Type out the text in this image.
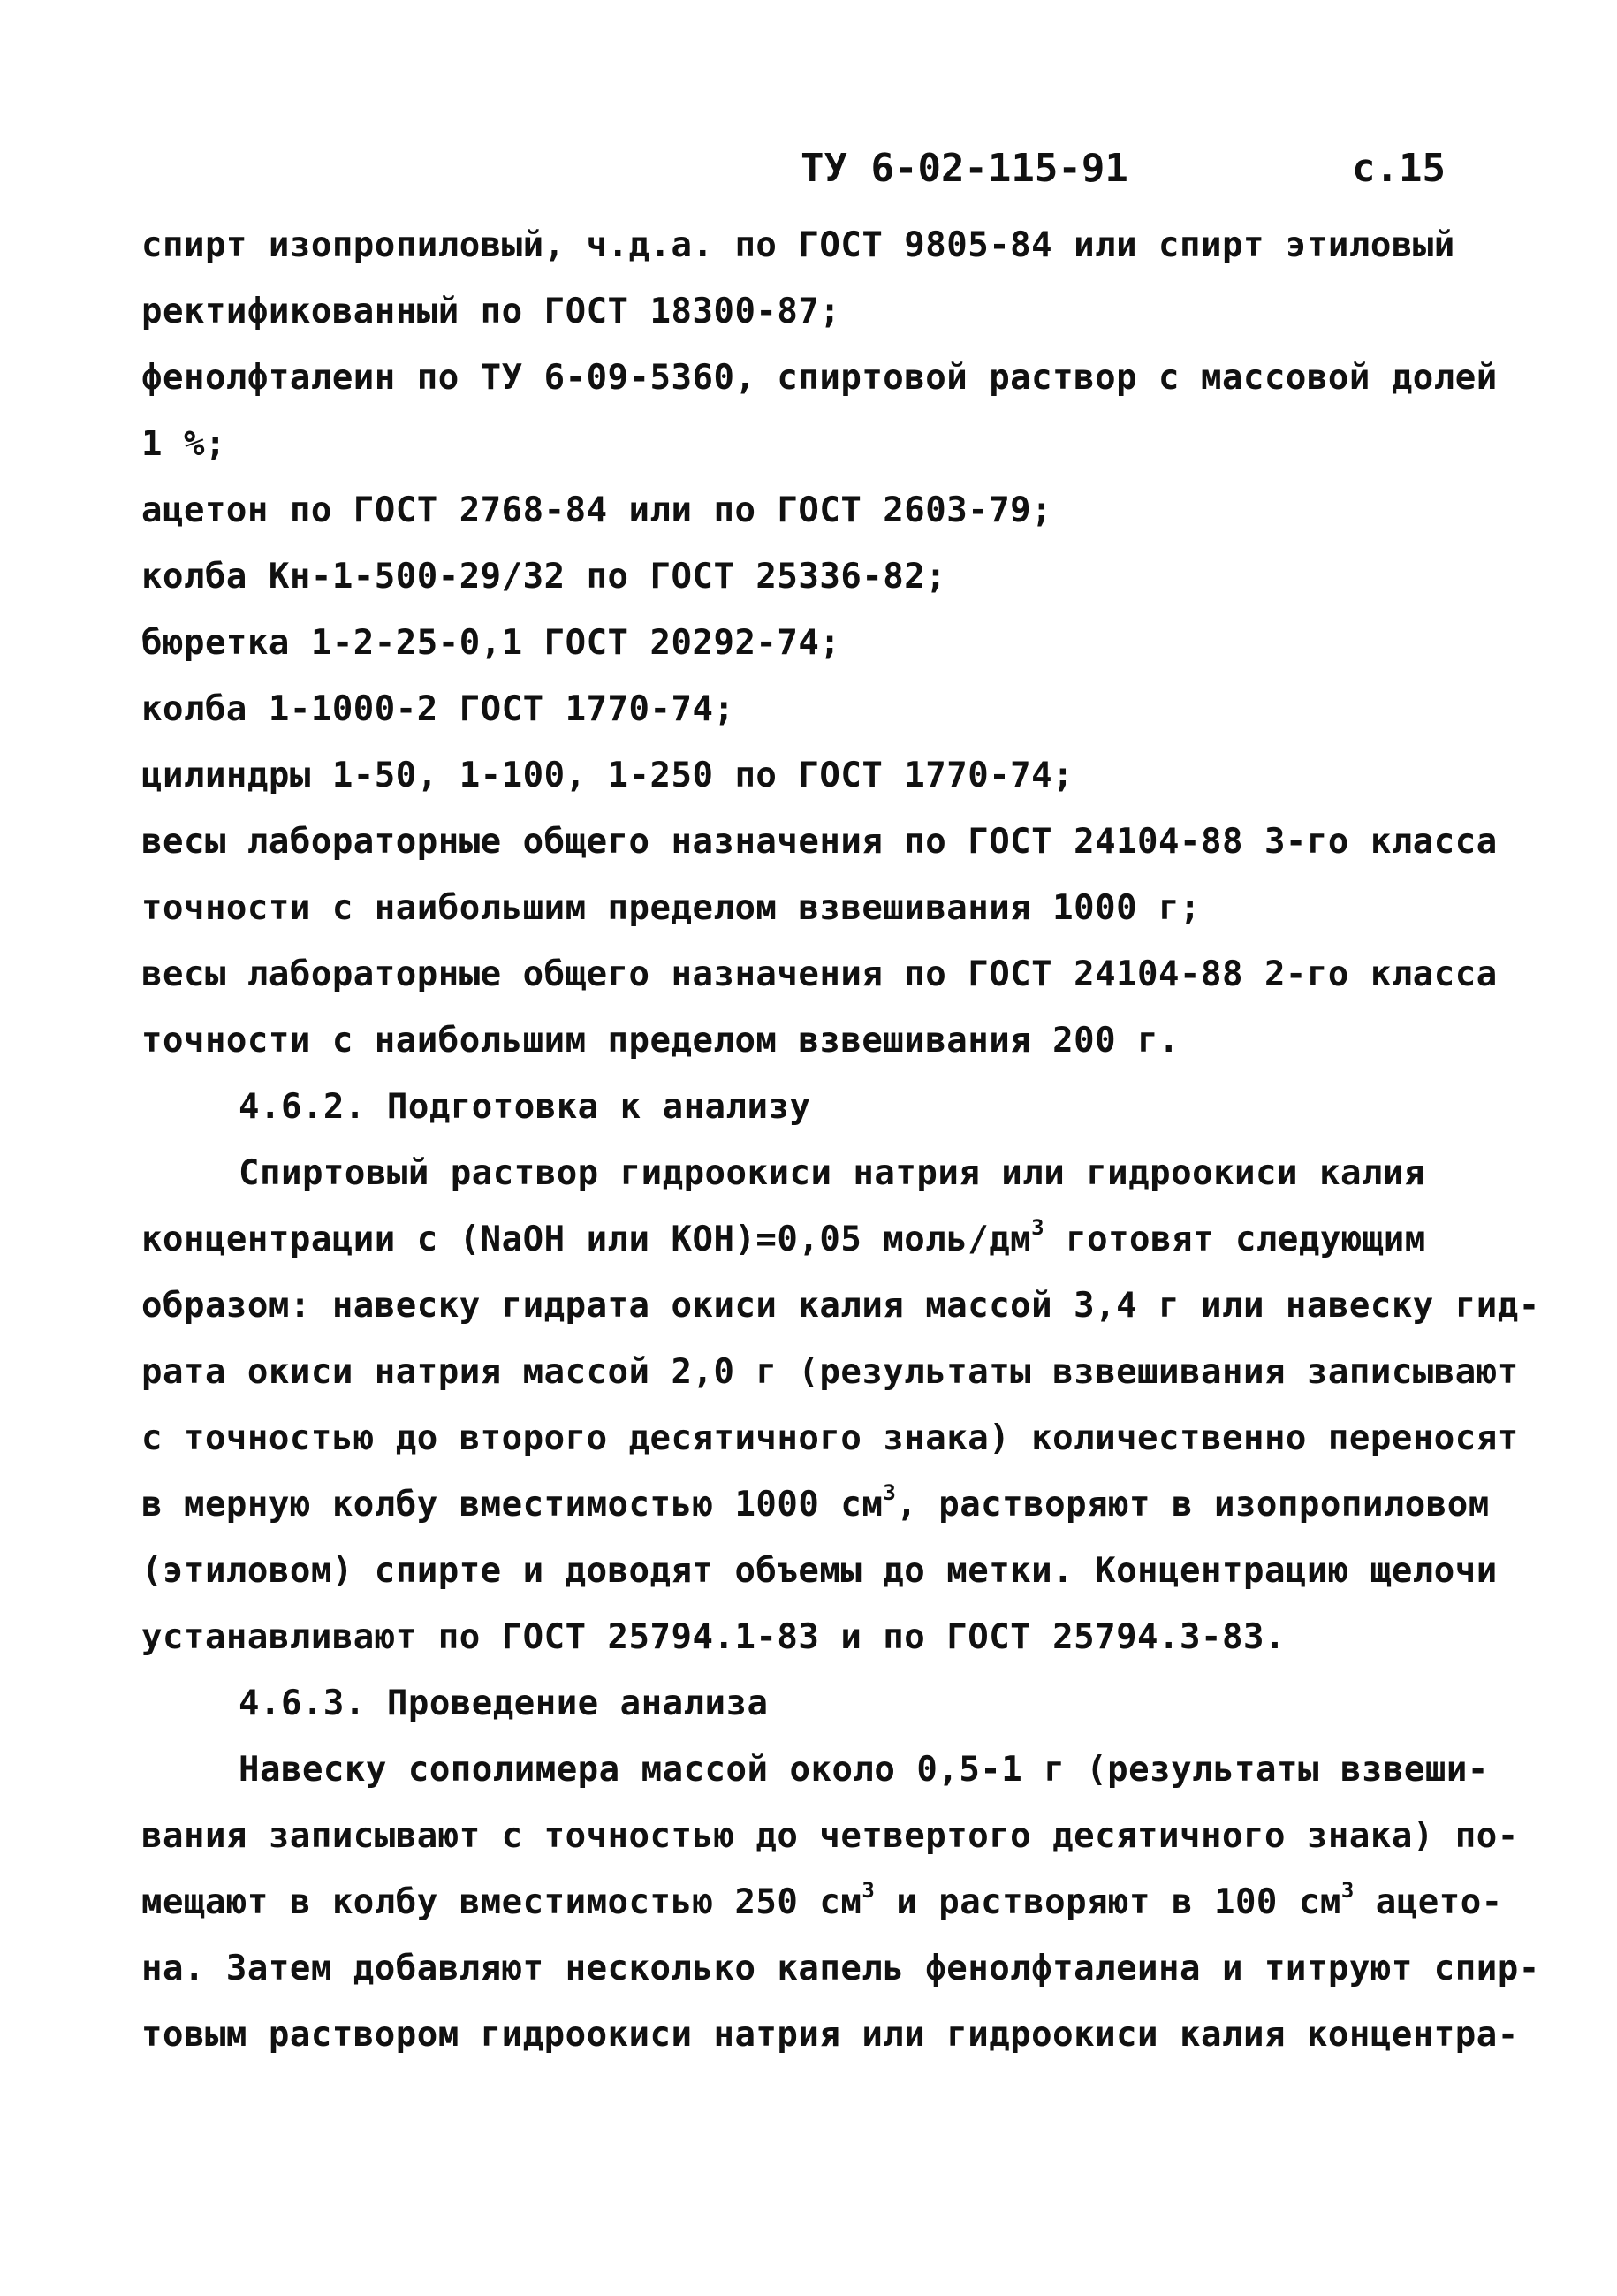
ТУ 6-02-115-91	с.15
спирт изопропиловый, ч.д.а. по ГОСТ 9805-84 или спирт этиловый
ректификованный по ГОСТ 18300-87;
фенолфталеин по ТУ 6-09-5360, спиртовой раствор с массовой долей
1 %;
ацетон по ГОСТ 2768-84 или по ГОСТ 2603-79;
колба Кн-1-500-29/32 по ГОСТ 25336-82;
бюретка 1-2-25-0,1 ГОСТ 20292-74;
колба 1-1000-2 ГОСТ 1770-74;
цилиндры 1-50, 1-100, 1-250 по ГОСТ 1770-74;
весы лабораторные общего назначения по ГОСТ 24104-88 3-го класса
точности с наибольшим пределом взвешивания 1000 г;
весы лабораторные общего назначения по ГОСТ 24104-88 2-го класса
точности с наибольшим пределом взвешивания 200 г.
4.6.2. Подготовка к анализу
Спиртовый раствор гидроокиси натрия или гидроокиси калия
концентрации с (NaOH или KOH)=0,05 моль/$дм^3$ готовят следующим
образом: навеску гидрата окиси калия массой 3,4 г или навеску гид-
рата окиси натрия массой 2,0 г (результаты взвешивания записывают
с точностью до второго десятичного знака) количественно переносят
в мерную колбу вместимостью 1000 $см^3$, растворяют в изопропиловом
(этиловом) спирте и доводят объемы до метки. Концентрацию щелочи
устанавливают по ГОСТ 25794.1-83 и по ГОСТ 25794.3-83.
4.6.3. Проведение анализа
Навеску сополимера массой около 0,5-1 г (результаты взвеши-
вания записывают с точностью до четвертого десятичного знака) по-
мещают в колбу вместимостью 250 $см^3$ и растворяют в 100 $см^3$ ацето-
на. Затем добавляют несколько капель фенолфталеина и титруют спир-
товым раствором гидроокиси натрия или гидроокиси калия концентра-
